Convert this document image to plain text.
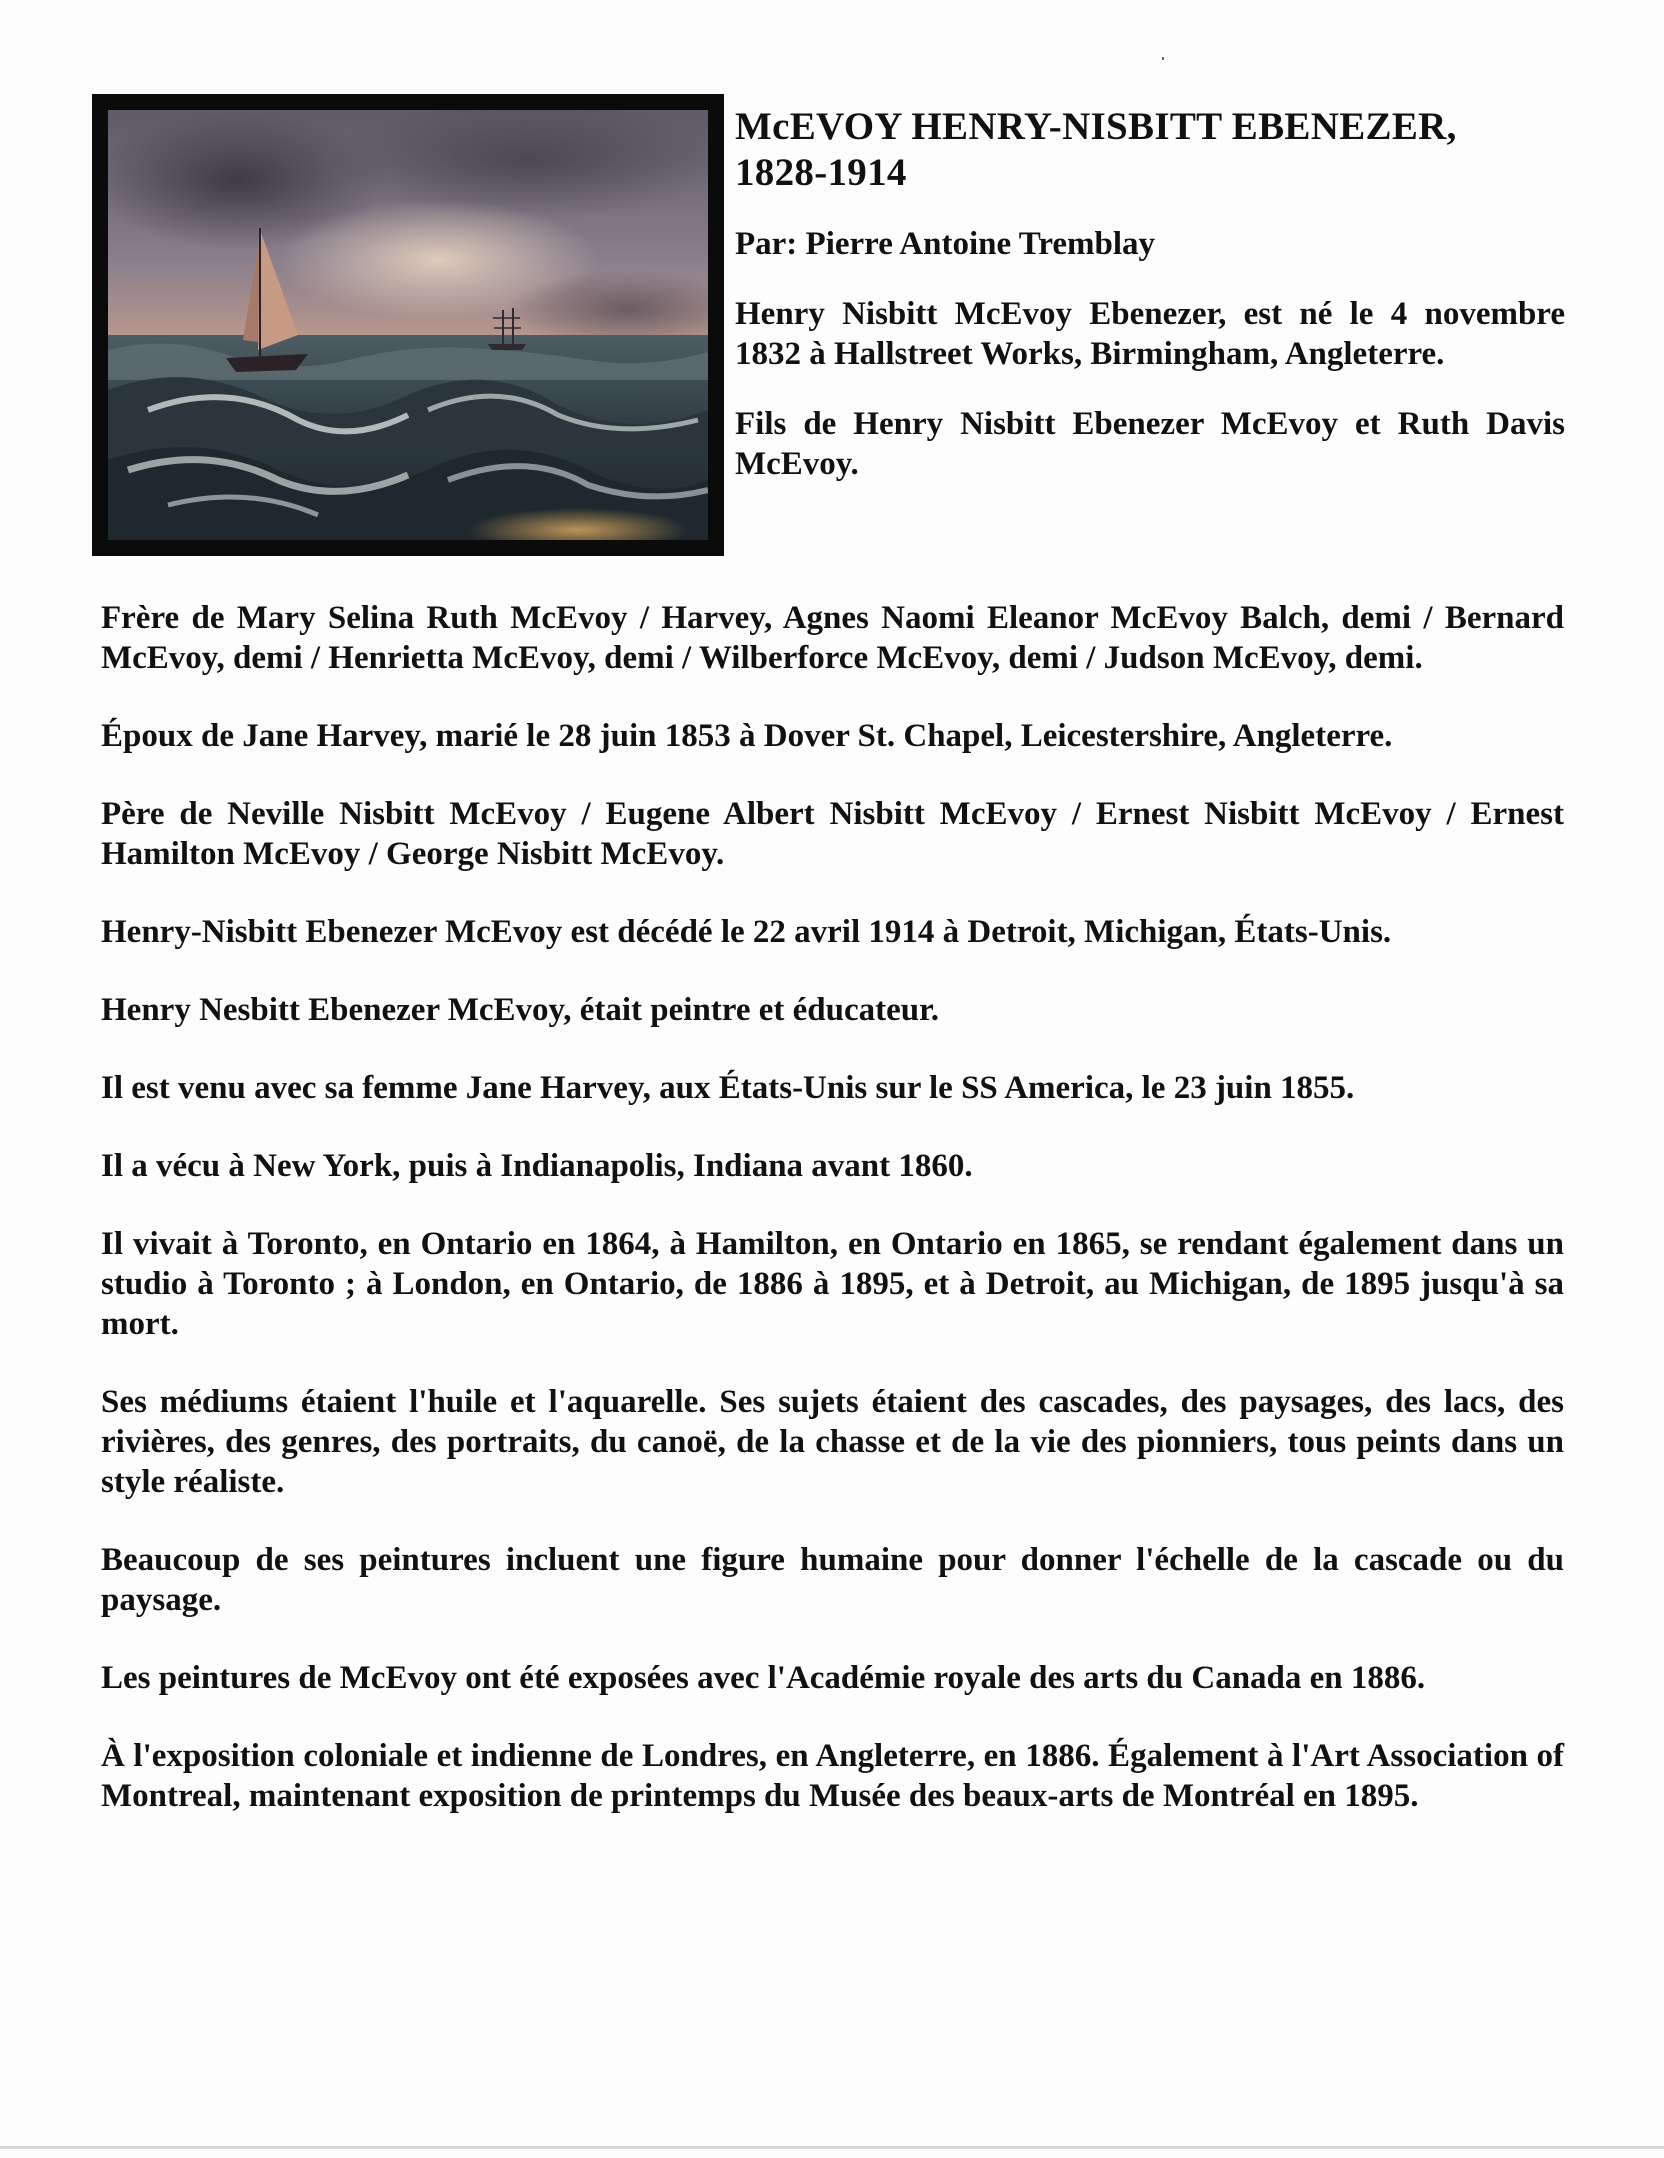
McEVOY HENRY-NISBITT EBENEZER,
1828-1914

Par: Pierre Antoine Tremblay

Henry Nisbitt McEvoy Ebenezer, est né le 4 novembre 1832 à Hallstreet Works, Birmingham, Angleterre.

Fils de Henry Nisbitt Ebenezer McEvoy et Ruth Davis McEvoy.

Frère de Mary Selina Ruth McEvoy / Harvey, Agnes Naomi Eleanor McEvoy Balch, demi / Bernard McEvoy, demi / Henrietta McEvoy, demi / Wilberforce McEvoy, demi / Judson McEvoy, demi.

Époux de Jane Harvey, marié le 28 juin 1853 à Dover St. Chapel, Leicestershire, Angleterre.

Père de Neville Nisbitt McEvoy / Eugene Albert Nisbitt McEvoy / Ernest Nisbitt McEvoy / Ernest Hamilton McEvoy / George Nisbitt McEvoy.

Henry-Nisbitt Ebenezer McEvoy est décédé le 22 avril 1914 à Detroit, Michigan, États-Unis.

Henry Nesbitt Ebenezer McEvoy, était peintre et éducateur.

Il est venu avec sa femme Jane Harvey, aux États-Unis sur le SS America, le 23 juin 1855.

Il a vécu à New York, puis à Indianapolis, Indiana avant 1860.

Il vivait à Toronto, en Ontario en 1864, à Hamilton, en Ontario en 1865, se rendant également dans un studio à Toronto ; à London, en Ontario, de 1886 à 1895, et à Detroit, au Michigan, de 1895 jusqu'à sa mort.

Ses médiums étaient l'huile et l'aquarelle. Ses sujets étaient des cascades, des paysages, des lacs, des rivières, des genres, des portraits, du canoë, de la chasse et de la vie des pionniers, tous peints dans un style réaliste.

Beaucoup de ses peintures incluent une figure humaine pour donner l'échelle de la cascade ou du paysage.

Les peintures de McEvoy ont été exposées avec l'Académie royale des arts du Canada en 1886.

À l'exposition coloniale et indienne de Londres, en Angleterre, en 1886. Également à l'Art Association of Montreal, maintenant exposition de printemps du Musée des beaux-arts de Montréal en 1895.
